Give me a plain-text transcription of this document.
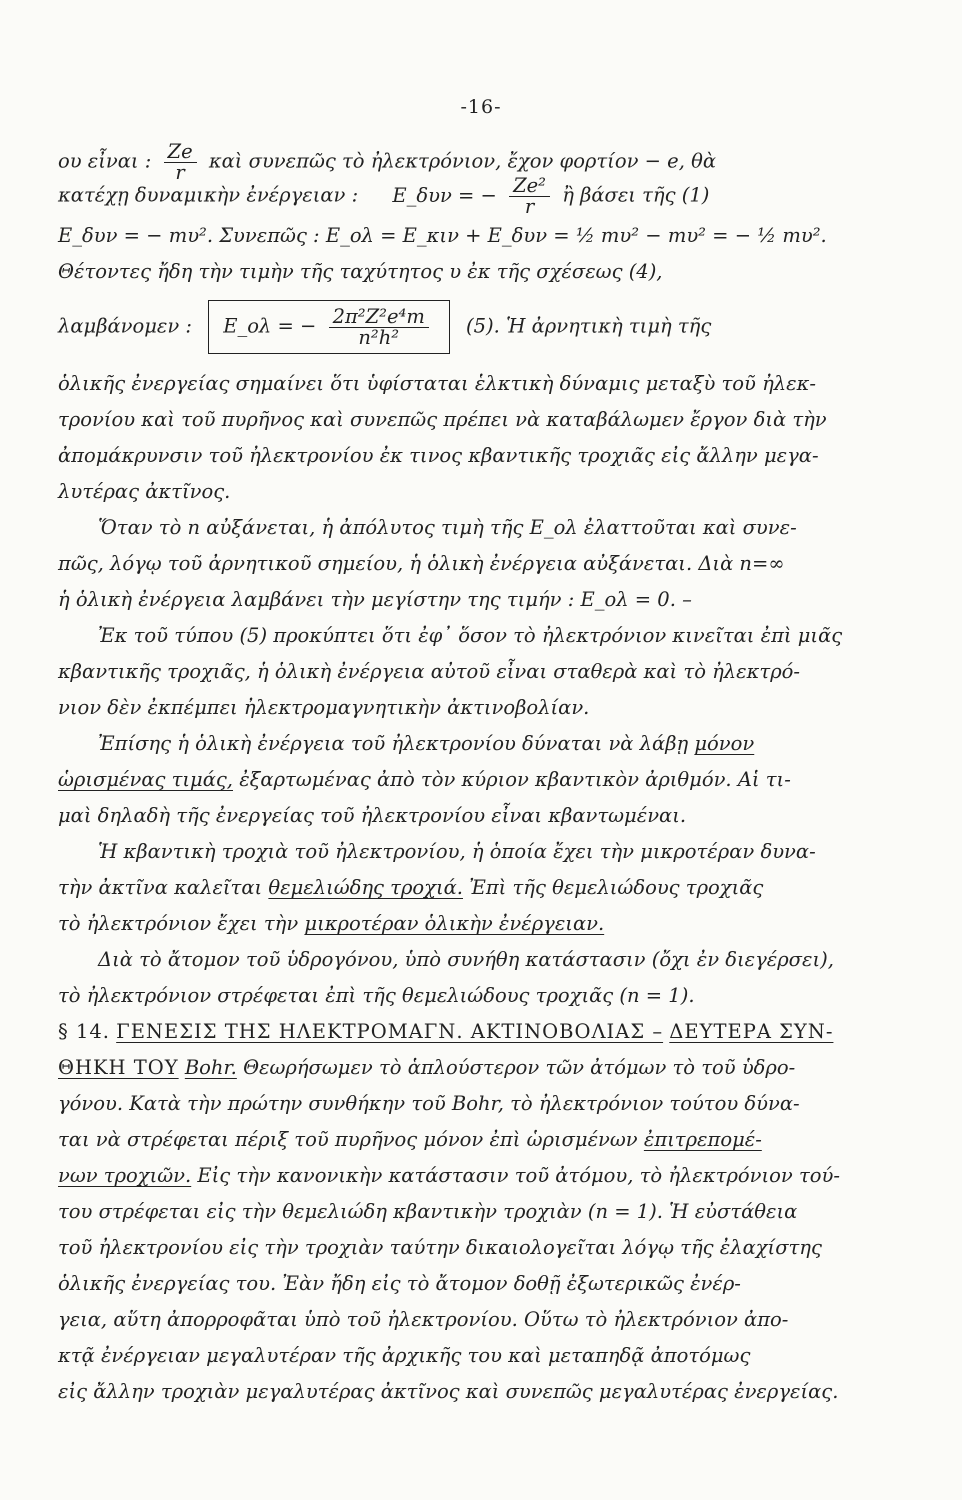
-16-
ου εἶναι : $\frac{Ze}{r}$ καὶ συνεπῶς τὸ ἠλεκτρόνιον, ἔχον φορτίον − e, θὰ
κατέχῃ δυναμικὴν ἐνέργειαν : E_δυν = − $\frac{\text{Ze²}}{r}$ ἢ βάσει τῆς (1)
E_δυν = − mυ². Συνεπῶς : E_ολ = E_κιν + E_δυν = ½ mυ² − mυ² = − ½ mυ².
Θέτοντες ἤδη τὴν τιμὴν τῆς ταχύτητος υ ἐκ τῆς σχέσεως (4),
λαμβάνομεν : E_ολ = − $\frac{\text{2π²Z²e⁴m}}{\text{n²h²}} (5)$. Ἡ ἀρνητικὴ τιμὴ τῆς
ὁλικῆς ἐνεργείας σημαίνει ὅτι ὑφίσταται ἑλκτικὴ δύναμις μεταξὺ τοῦ ἠλεκ-
τρονίου καὶ τοῦ πυρῆνος καὶ συνεπῶς πρέπει νὰ καταβάλωμεν ἔργον διὰ τὴν
ἀπομάκρυνσιν τοῦ ἠλεκτρονίου ἐκ τινος κβαντικῆς τροχιᾶς εἰς ἄλλην μεγα-
λυτέρας ἀκτῖνος.
Ὅταν τὸ n αὐξάνεται, ἡ ἀπόλυτος τιμὴ τῆς E_ολ ἐλαττοῦται καὶ συνε-
πῶς, λόγῳ τοῦ ἀρνητικοῦ σημείου, ἡ ὁλικὴ ἐνέργεια αὐξάνεται. Διὰ n=∞
ἡ ὁλικὴ ἐνέργεια λαμβάνει τὴν μεγίστην της τιμήν : E_ολ = 0. –
Ἐκ τοῦ τύπου (5) προκύπτει ὅτι ἐφ᾽ ὅσον τὸ ἠλεκτρόνιον κινεῖται ἐπὶ μιᾶς
κβαντικῆς τροχιᾶς, ἡ ὁλικὴ ἐνέργεια αὐτοῦ εἶναι σταθερὰ καὶ τὸ ἠλεκτρό-
νιον δὲν ἐκπέμπει ἠλεκτρομαγνητικὴν ἀκτινοβολίαν.
Ἐπίσης ἡ ὁλικὴ ἐνέργεια τοῦ ἠλεκτρονίου δύναται νὰ λάβῃ μόνον
ὡρισμένας τιμάς, ἐξαρτωμένας ἀπὸ τὸν κύριον κβαντικὸν ἀριθμόν. Αἱ τι-
μαὶ δηλαδὴ τῆς ἐνεργείας τοῦ ἠλεκτρονίου εἶναι κβαντωμέναι.
Ἡ κβαντικὴ τροχιὰ τοῦ ἠλεκτρονίου, ἡ ὁποία ἔχει τὴν μικροτέραν δυνα-
τὴν ἀκτῖνα καλεῖται θεμελιώδης τροχιά. Ἐπὶ τῆς θεμελιώδους τροχιᾶς
τὸ ἠλεκτρόνιον ἔχει τὴν μικροτέραν ὁλικὴν ἐνέργειαν.
Διὰ τὸ ἄτομον τοῦ ὑδρογόνου, ὑπὸ συνήθη κατάστασιν (ὄχι ἐν διεγέρσει),
τὸ ἠλεκτρόνιον στρέφεται ἐπὶ τῆς θεμελιώδους τροχιᾶς (n = 1).
§ 14. ΓΕΝΕΣΙΣ ΤΗΣ ΗΛΕΚΤΡΟΜΑΓΝ. ΑΚΤΙΝΟΒΟΛΙΑΣ – ΔΕΥΤΕΡΑ ΣΥΝ-
ΘΗΚΗ ΤΟΥ Bohr. Θεωρήσωμεν τὸ ἁπλούστερον τῶν ἀτόμων τὸ τοῦ ὑδρο-
γόνου. Κατὰ τὴν πρώτην συνθήκην τοῦ Bohr, τὸ ἠλεκτρόνιον τούτου δύνα-
ται νὰ στρέφεται πέριξ τοῦ πυρῆνος μόνον ἐπὶ ὡρισμένων ἐπιτρεπομέ-
νων τροχιῶν. Εἰς τὴν κανονικὴν κατάστασιν τοῦ ἀτόμου, τὸ ἠλεκτρόνιον τού-
του στρέφεται εἰς τὴν θεμελιώδη κβαντικὴν τροχιὰν (n = 1). Ἡ εὐστάθεια
τοῦ ἠλεκτρονίου εἰς τὴν τροχιὰν ταύτην δικαιολογεῖται λόγῳ τῆς ἐλαχίστης
ὁλικῆς ἐνεργείας του. Ἐὰν ἤδη εἰς τὸ ἄτομον δοθῇ ἐξωτερικῶς ἐνέρ-
γεια, αὕτη ἀπορροφᾶται ὑπὸ τοῦ ἠλεκτρονίου. Οὕτω τὸ ἠλεκτρόνιον ἀπο-
κτᾷ ἐνέργειαν μεγαλυτέραν τῆς ἀρχικῆς του καὶ μεταπηδᾷ ἀποτόμως
εἰς ἄλλην τροχιὰν μεγαλυτέρας ἀκτῖνος καὶ συνεπῶς μεγαλυτέρας ἐνεργείας.
